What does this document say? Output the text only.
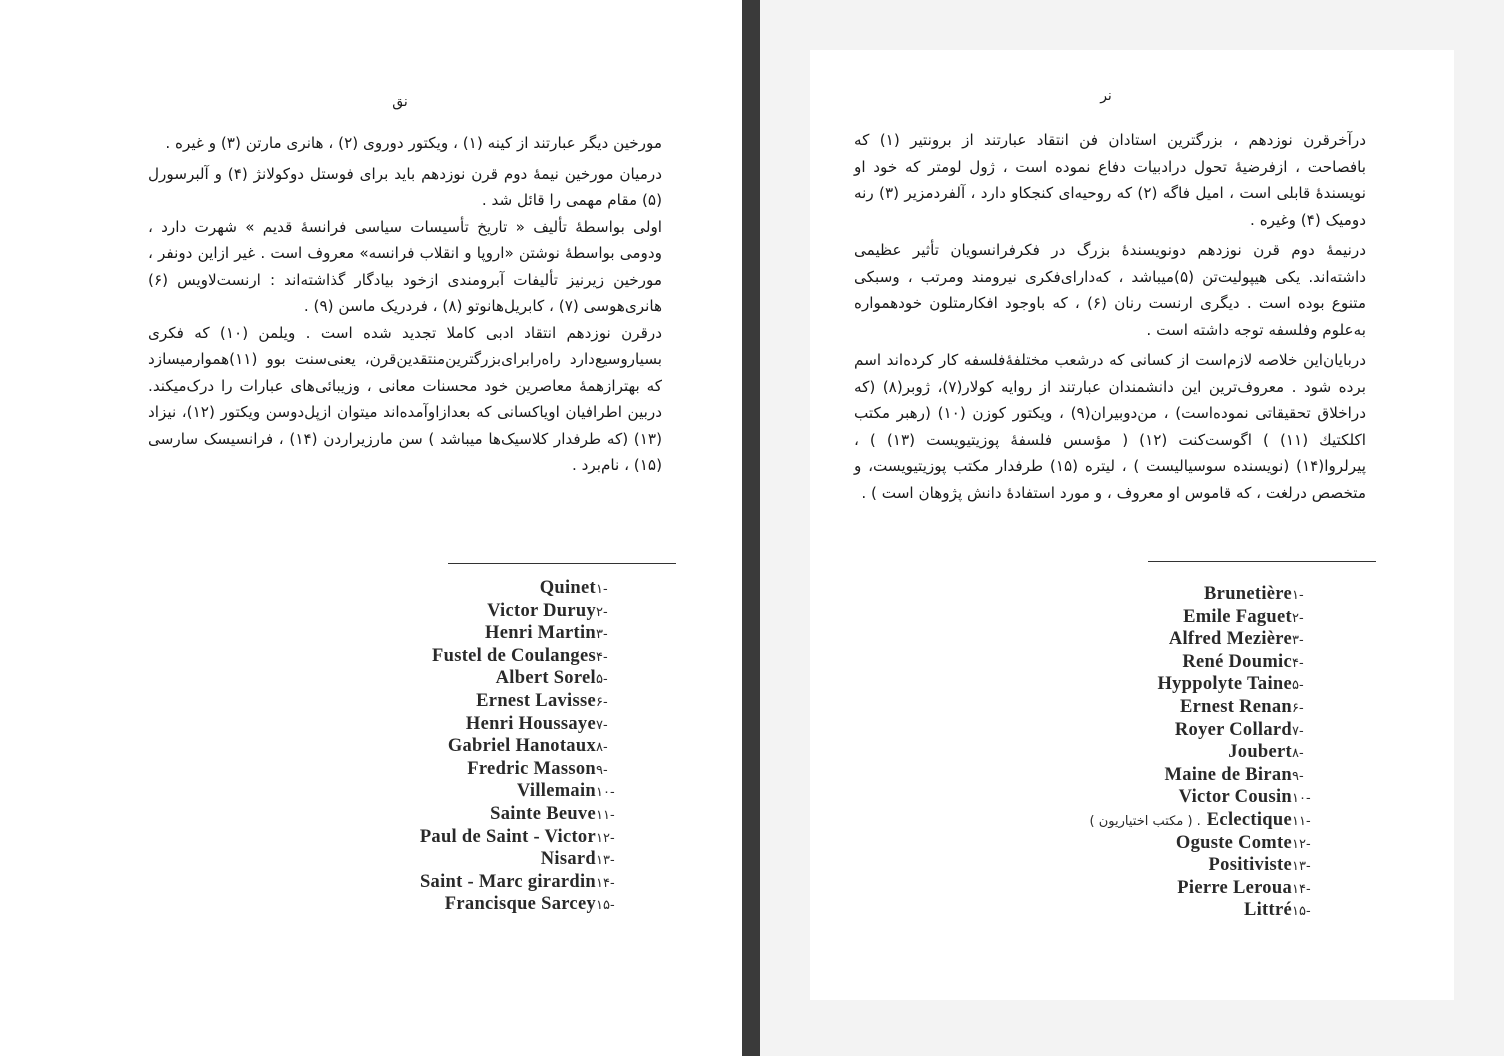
نق

مورخین دیگر عبارتند از کینه (۱) ، ویکتور دوروی (۲) ، هانری مارتن (۳) و غیره .

درمیان مورخین نیمهٔ دوم قرن نوزدهم باید برای فوستل دوکولانژ (۴) و آلبرسورل (۵) مقام مهمی را قائل شد .

اولی بواسطهٔ تألیف « تاریخ تأسیسات سیاسی فرانسهٔ قدیم » شهرت دارد ، ودومی بواسطهٔ نوشتن «اروپا و انقلاب فرانسه» معروف است . غیر ازاین دونفر ، مورخین زیرنیز تألیفات آبرومندی ازخود بیادگار گذاشته‌اند : ارنست‌لاویس (۶) هانری‌هوسی (۷) ، کابریل‌هانوتو (۸) ، فردریک ماسن (۹) .

درقرن نوزدهم انتقاد ادبی کاملا تجدید شده است . ویلمن (۱۰) که فکری بسیاروسیع‌دارد راه‌را‌برای‌بزرگترین‌منتقدین‌قرن، یعنی‌سنت بوو (۱۱)هموارمیسازد که بهتراز‌همهٔ معاصرین خود محسنات معانی ، وزیبائی‌های عبارات را درک‌میکند. دربین اطرافیان اویاکسانی که بعدازاو‌آمده‌اند میتوان ازپل‌دوسن ویکتور (۱۲)، نیزاد (۱۳) (که طرفدار کلاسیک‌ها میباشد ) سن مارزیراردن (۱۴) ، فرانسیسک سارسی (۱۵) ، نام‌برد .

Quinet۱-
Victor Duruy۲-
Henri Martin۳-
Fustel de Coulanges۴-
Albert Sorel۵-
Ernest Lavisse۶-
Henri Houssaye۷-
Gabriel Hanotaux۸-
Fredric Masson۹-
Villemain۱۰-
Sainte Beuve۱۱-
Paul de Saint - Victor۱۲-
Nisard۱۳-
Saint - Marc girardin۱۴-
Francisque Sarcey۱۵-
نر

درآخرقرن نوزدهم ، بزرگترین استادان فن انتقاد عبارتند از برونتیر (۱) که بافصاحت ، ازفرضیهٔ تحول درادبیات دفاع نموده است ، ژول لومتر که خود او نویسندهٔ قابلی است ، امیل فاگه (۲) که روحیه‌ای کنجکاو دارد ، آلفردمزیر (۳) رنه دومیک (۴) وغیره .

درنیمهٔ دوم قرن نوزدهم دونویسندهٔ بزرگ در فکرفرانسویان تأثیر عظیمی داشته‌اند. یکی هیپولیت‌تن (۵)میباشد ، که‌دارای‌فکری نیرومند ومرتب ، وسبکی متنوع بوده است . دیگری ارنست رنان (۶) ، که باوجود افکارمتلون خودهمواره به‌علوم وفلسفه توجه داشته است .

دربایان‌این خلاصه لازم‌است از کسانی که درشعب مختلفهٔ‌فلسفه کار کرده‌اند اسم برده شود . معروف‌ترین این دانشمندان عبارتند از روایه کولار(۷)، ژوبر(۸) (که دراخلاق تحقیقاتی نموده‌است) ، من‌دوبیران(۹) ، ویکتور کوزن (۱۰) (رهبر مکتب اکلکتیك (۱۱) ) اگوست‌کنت (۱۲) ( مؤسس فلسفهٔ پوزیتیویست (۱۳) ) ، پیرلروا(۱۴) (نویسنده سوسیالیست ) ، لیتره (۱۵) طرفدار مکتب پوزیتیویست، و متخصص درلغت ، که قاموس او معروف ، و مورد استفادهٔ دانش پژوهان است ) .

Brunetière۱-
Emile Faguet۲-
Alfred Mezière۳-
René Doumic۴-
Hyppolyte Taine۵-
Ernest Renan۶-
Royer Collard۷-
Joubert۸-
Maine de Biran۹-
Victor Cousin۱۰-
( مکتب اختیاریون ) . Eclectique۱۱-
Oguste Comte۱۲-
Positiviste۱۳-
Pierre Leroua۱۴-
Littré۱۵-
